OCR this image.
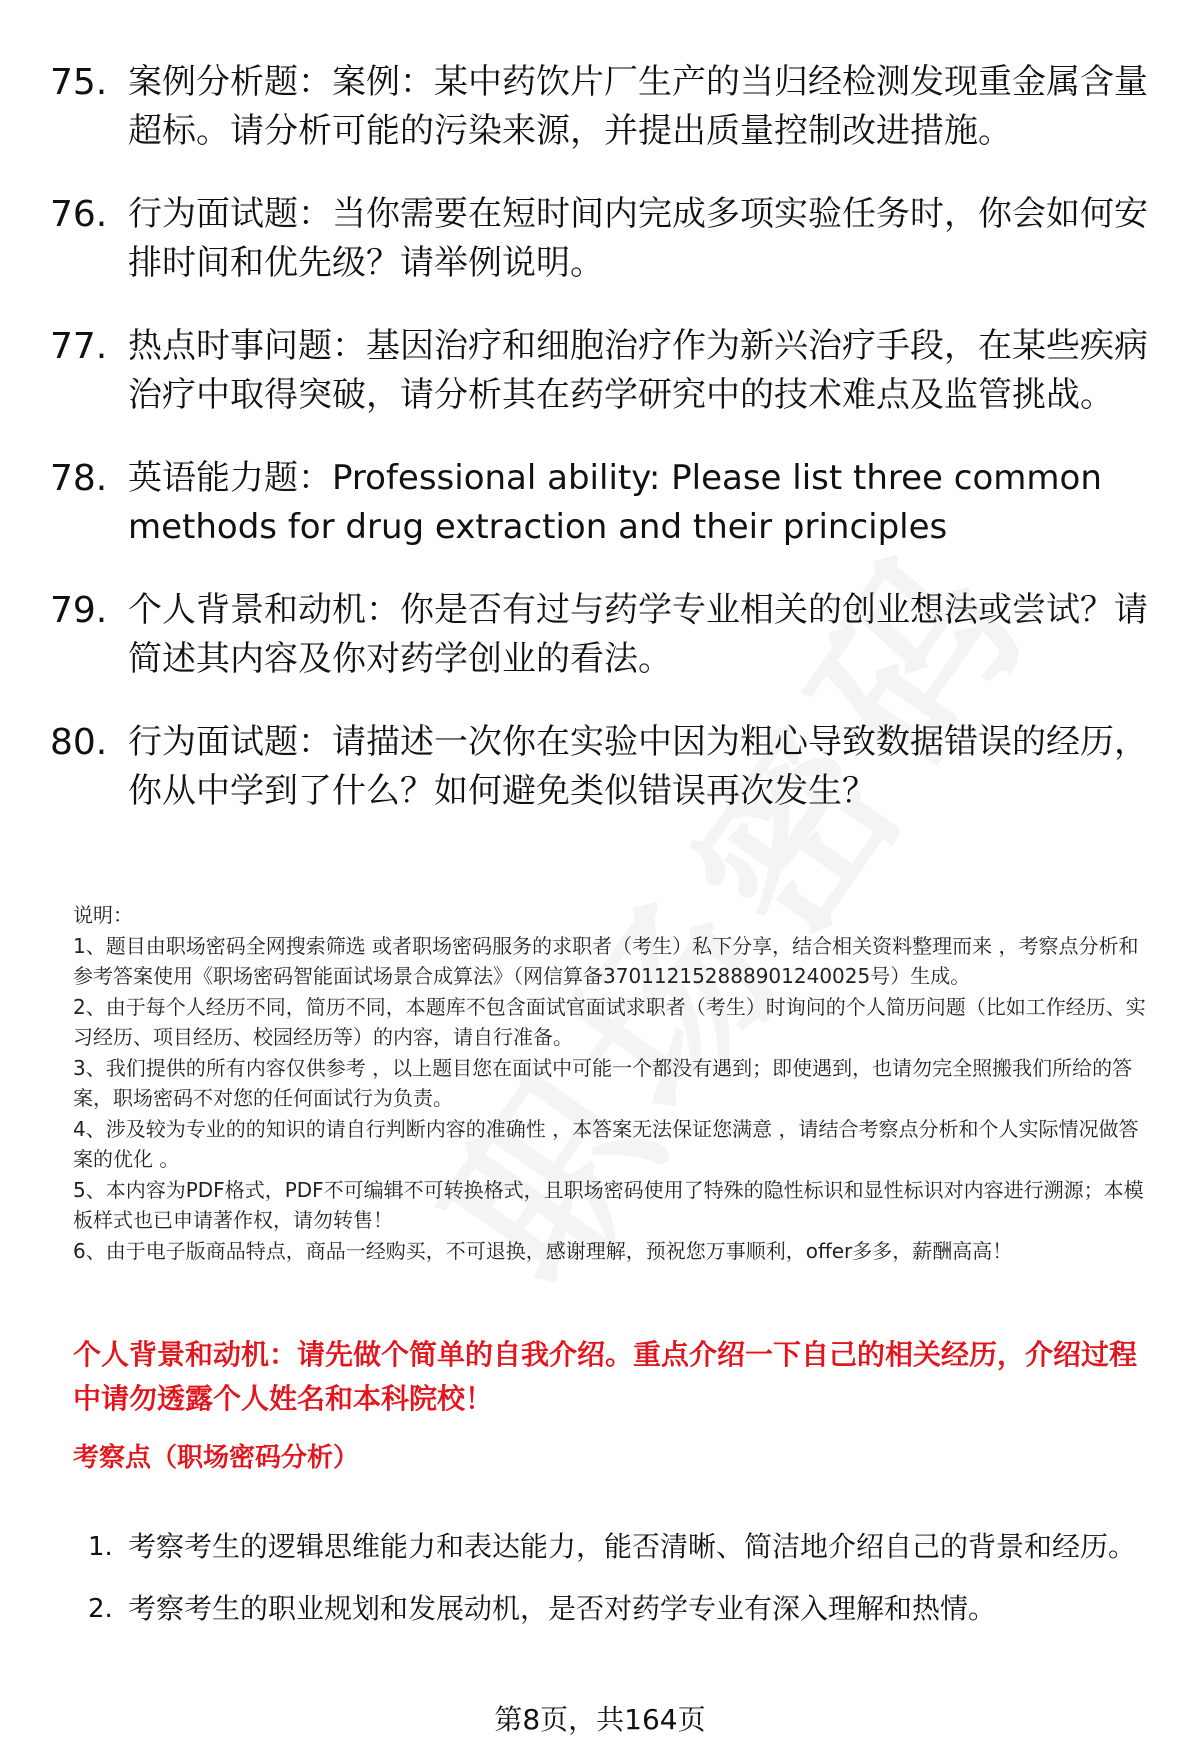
75. 案例分析题：案例：某中药饮片厂生产的当归经检测发现重金属含量超标。请分析可能的污染来源，并提出质量控制改进措施。
76. 行为面试题：当你需要在短时间内完成多项实验任务时，你会如何安排时间和优先级？请举例说明。
77. 热点时事问题：基因治疗和细胞治疗作为新兴治疗手段，在某些疾病治疗中取得突破，请分析其在药学研究中的技术难点及监管挑战。
78. 英语能力题：Professional ability: Please list three common methods for drug extraction and their principles
79. 个人背景和动机：你是否有过与药学专业相关的创业想法或尝试？请简述其内容及你对药学创业的看法。
80. 行为面试题：请描述一次你在实验中因为粗心导致数据错误的经历，你从中学到了什么？如何避免类似错误再次发生？

说明：

1、题目由职场密码全网搜索筛选 或者职场密码服务的求职者（考生）私下分享，结合相关资料整理而来 ，考察点分析和参考答案使用《职场密码智能面试场景合成算法》（网信算备370112152888901240025号）生成。

2、由于每个人经历不同，简历不同，本题库不包含面试官面试求职者（考生）时询问的个人简历问题（比如工作经历、实习经历、项目经历、校园经历等）的内容，请自行准备。

3、我们提供的所有内容仅供参考 ，以上题目您在面试中可能一个都没有遇到；即使遇到，也请勿完全照搬我们所给的答案，职场密码不对您的任何面试行为负责。

4、涉及较为专业的的知识的请自行判断内容的准确性 ，本答案无法保证您满意 ，请结合考察点分析和个人实际情况做答案的优化 。

5、本内容为PDF格式，PDF不可编辑不可转换格式，且职场密码使用了特殊的隐性标识和显性标识对内容进行溯源；本模板样式也已申请著作权，请勿转售！

6、由于电子版商品特点，商品一经购买，不可退换，感谢理解，预祝您万事顺利，offer多多，薪酬高高！

个人背景和动机：请先做个简单的自我介绍。重点介绍一下自己的相关经历，介绍过程中请勿透露个人姓名和本科院校！
考察点（职场密码分析）
1. 考察考生的逻辑思维能力和表达能力，能否清晰、简洁地介绍自己的背景和经历。
2. 考察考生的职业规划和发展动机，是否对药学专业有深入理解和热情。
第8页，共164页
